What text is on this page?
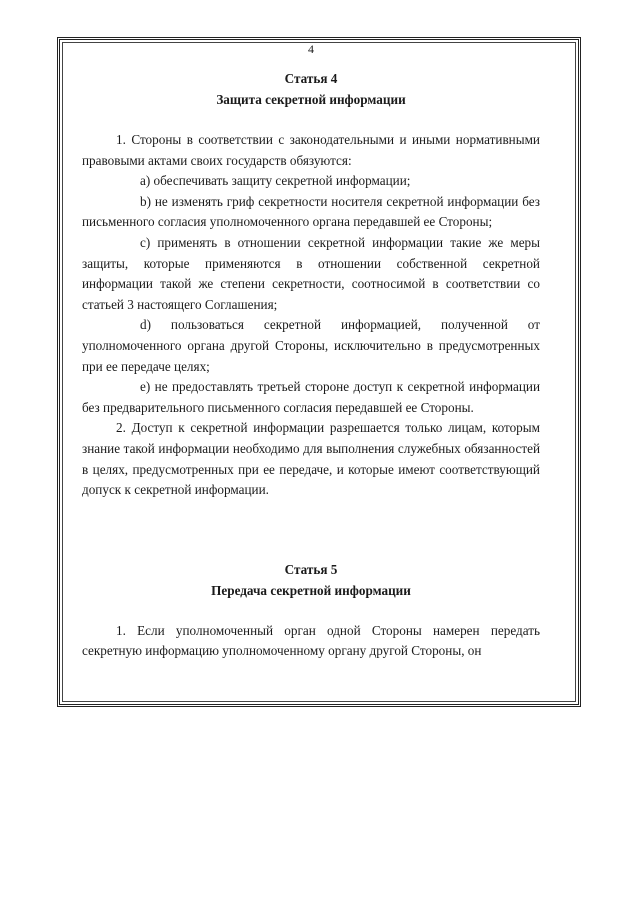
4
Статья 4
Защита секретной информации

1. Стороны в соответствии с законодательными и иными нормативными правовыми актами своих государств обязуются:

а) обеспечивать защиту секретной информации;

b) не изменять гриф секретности носителя секретной информации без письменного согласия уполномоченного органа передавшей ее Стороны;

c) применять в отношении секретной информации такие же меры защиты, которые применяются в отношении собственной секретной информации такой же степени секретности, соотносимой в соответствии со статьей 3 настоящего Соглашения;

d) пользоваться секретной информацией, полученной от уполномоченного органа другой Стороны, исключительно в предусмотренных при ее передаче целях;

e) не предоставлять третьей стороне доступ к секретной информации без предварительного письменного согласия передавшей ее Стороны.

2. Доступ к секретной информации разрешается только лицам, которым знание такой информации необходимо для выполнения служебных обязанностей в целях, предусмотренных при ее передаче, и которые имеют соответствующий допуск к секретной информации.

Статья 5
Передача секретной информации

1. Если уполномоченный орган одной Стороны намерен передать секретную информацию уполномоченному органу другой Стороны, он
